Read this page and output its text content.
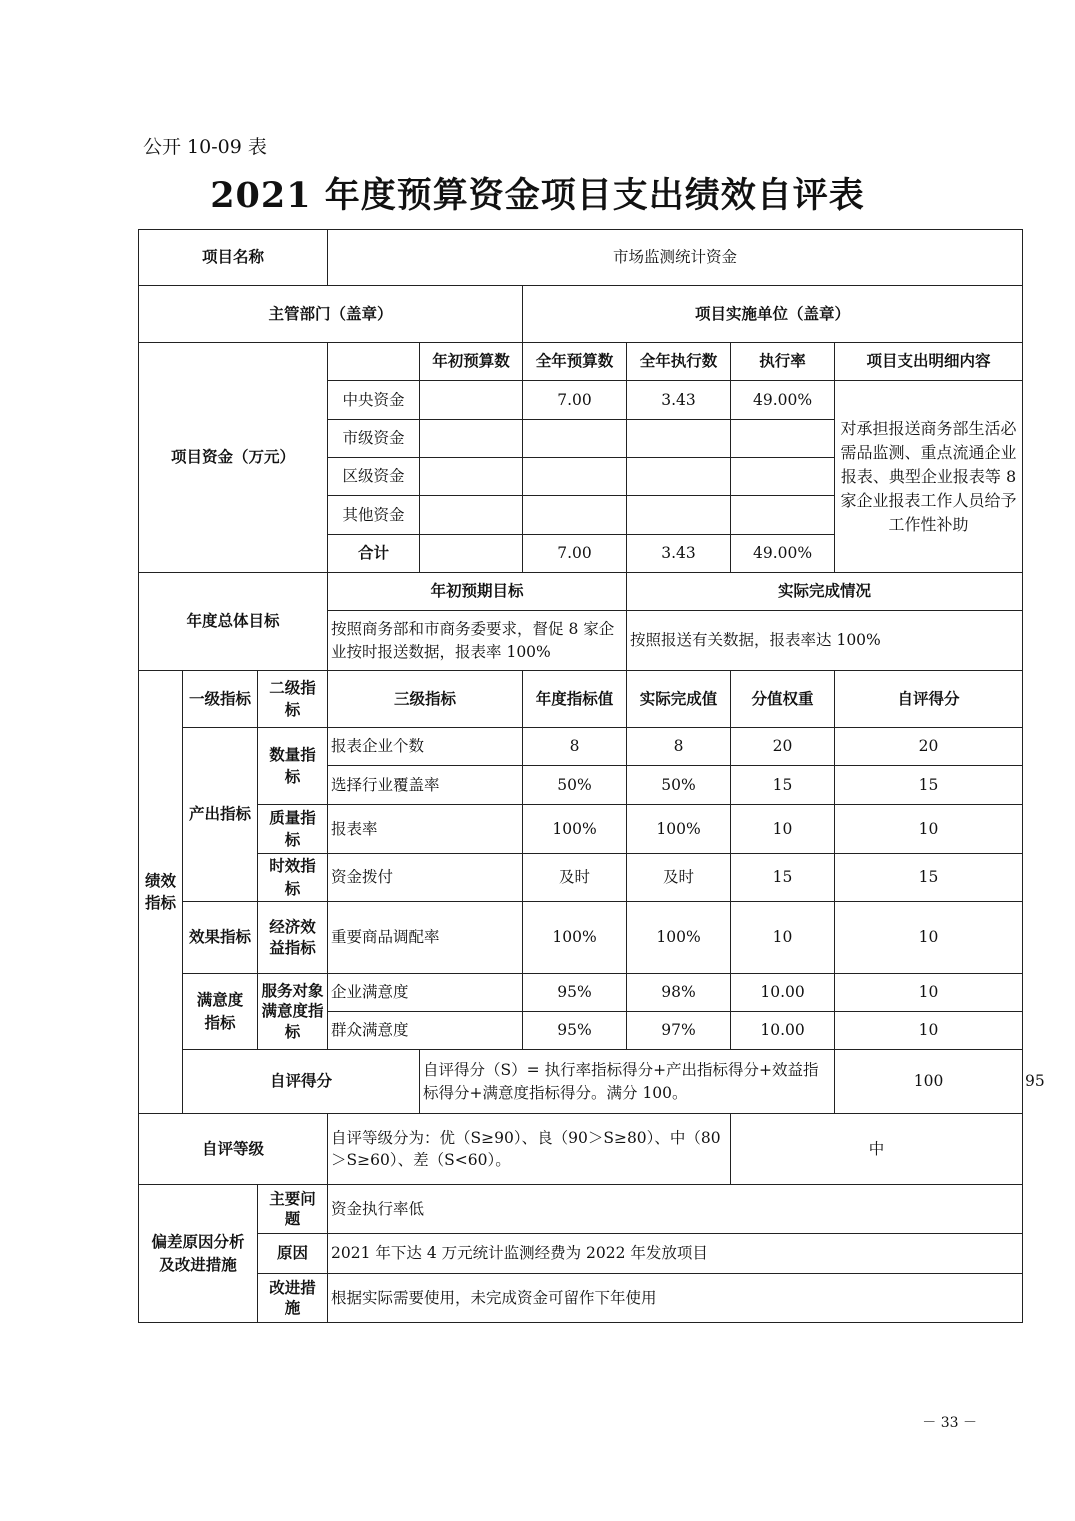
公开 10-09 表
2021 年度预算资金项目支出绩效自评表
项目名称			市场监测统计资金						
主管部门（盖章）					项目实施单位（盖章）				
项目资金（万元）				年初预算数	全年预算数	全年执行数	执行率	项目支出明细内容	
			中央资金		7.00	3.43	49.00%	对承担报送商务部生活必需品监测、重点流通企业报表、典型企业报表等 8 家企业报表工作人员给予工作性补助	
			市级资金						
			区级资金						
			其他资金						
			合计		7.00	3.43	49.00%		
年度总体目标			年初预期目标			实际完成情况			
			按照商务部和市商务委要求，督促 8 家企业按时报送数据，报表率 100%			按照报送有关数据，报表率达 100%			
绩效指标	一级指标	二级指标	三级指标		年度指标值	实际完成值	分值权重	自评得分	
	产出指标	数量指标	报表企业个数		8	8	20	20	
			选择行业覆盖率		50%	50%	15	15	
		质量指标	报表率		100%	100%	10	10	
		时效指标	资金拨付		及时	及时	15	15	
	效果指标	经济效益指标	重要商品调配率		100%	100%	10	10	
	满意度指标	服务对象满意度指标	企业满意度		95%	98%	10.00	10	
			群众满意度		95%	97%	10.00	10	
	自评得分			自评得分（S）= 执行率指标得分+产出指标得分+效益指标得分+满意度指标得分。满分 100。				100	95
自评等级			自评等级分为：优（S≥90）、良（90＞S≥80）、中（80＞S≥60）、差（S<60）。				中		
偏差原因分析及改进措施		主要问题	资金执行率低						
		原因	2021 年下达 4 万元统计监测经费为 2022 年发放项目						
		改进措施	根据实际需要使用，未完成资金可留作下年使用						
－ 33 －
